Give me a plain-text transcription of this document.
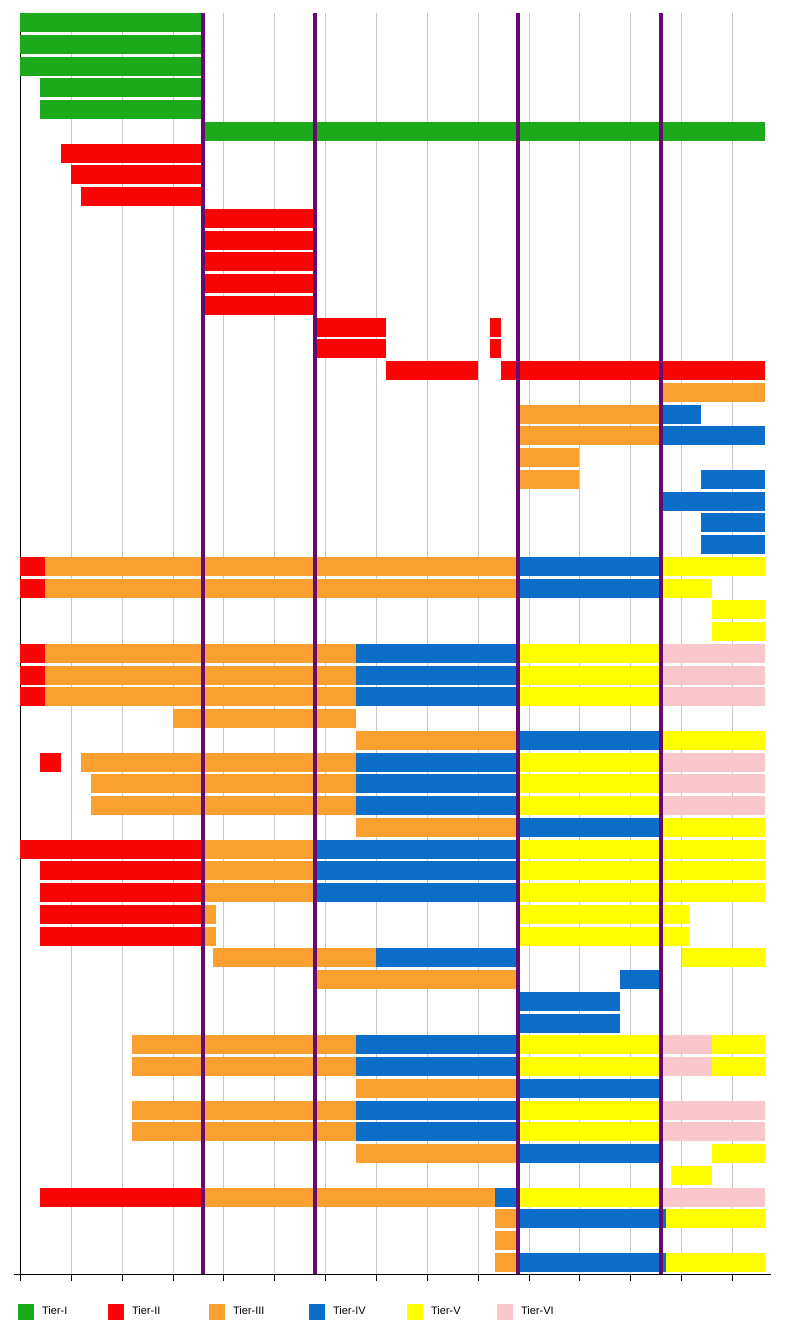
Tier-I	Tier-II	Tier-III	Tier-IV	Tier-V	Tier-VI
